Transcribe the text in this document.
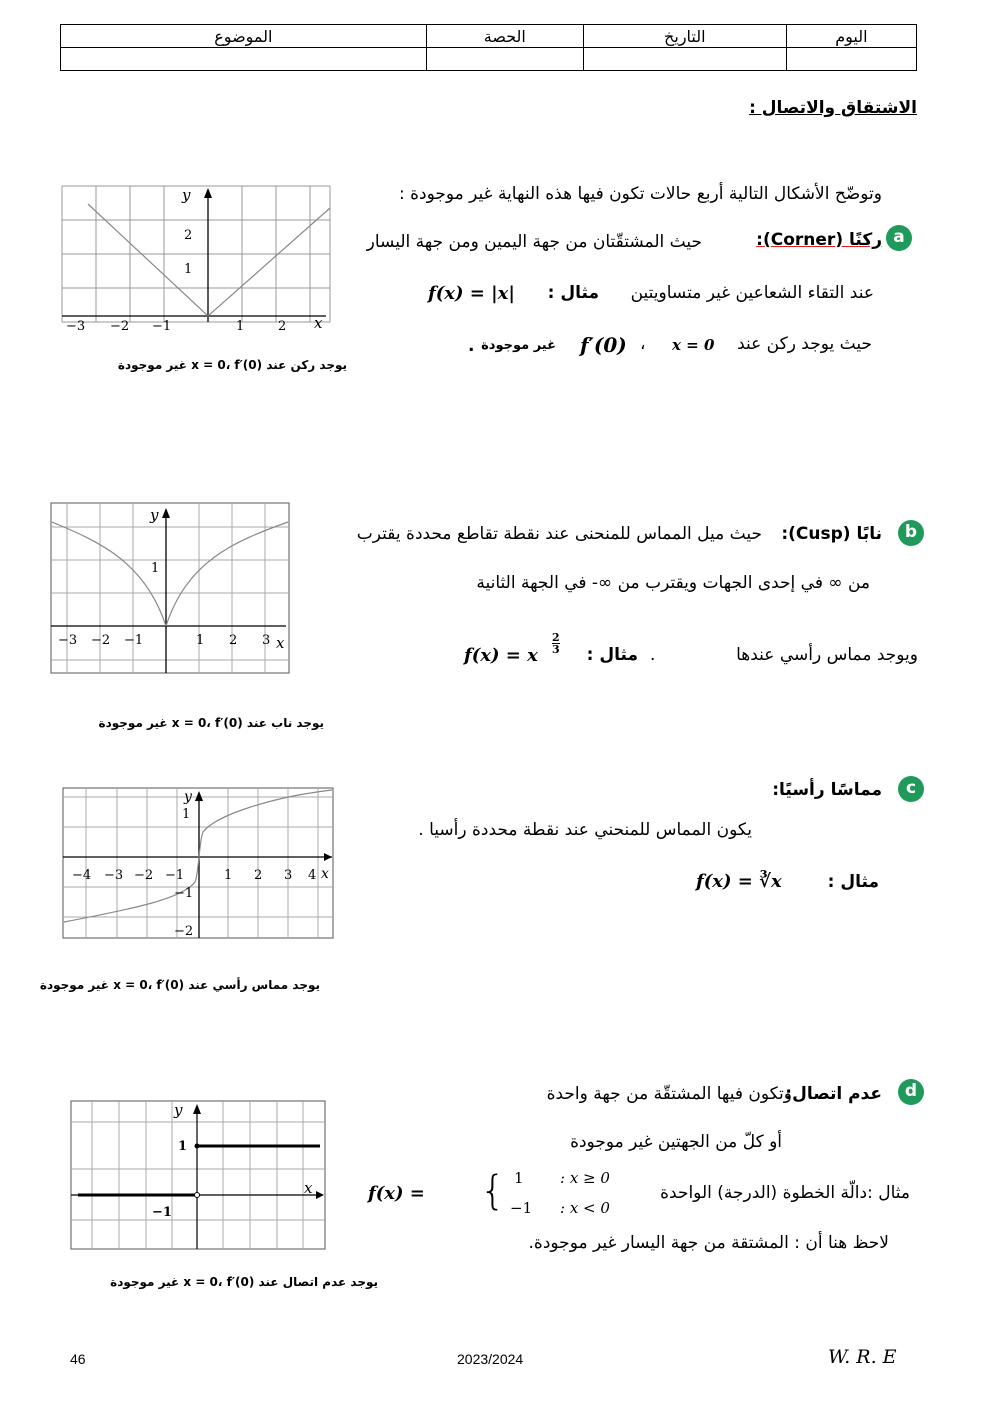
الموضوع	الحصة	التاريخ	اليوم

الاشتقاق والاتصال :
وتوضّح الأشكال التالية أربع حالات تكون فيها هذه النهاية غير موجودة :
y
x
2
1
−3 −2 −1	1	2
يوجد ركن عند x = 0، f′(0) غير موجودة
a
ركنًا (Corner):
حيث المشتقّتان من جهة اليمين ومن جهة اليسار
عند التقاء الشعاعين غير متساويتين
مثال :
f(x) = |x|
حيث يوجد ركن عند
x = 0
،
f′(0)
غير موجودة
.
y
x
1
−3 −2 −1	1 2 3
يوجد ناب عند x = 0، f′(0) غير موجودة
b
نابًا (Cusp):
حيث ميل المماس للمنحنى عند نقطة تقاطع محددة يقترب
من ∞ في إحدى الجهات ويقترب من ∞- في الجهة الثانية
ويوجد مماس رأسي عندها
.
مثال :
f(x) = x
$\frac{2}{3}$
y
x
1
−1
−2
−4 −3 −2 −1	1 2 3 4
يوجد مماس رأسي عند x = 0، f′(0) غير موجودة
c
مماسًا رأسيًا:
يكون المماس للمنحني عند نقطة محددة رأسيا .
مثال :
f(x) = ∛x
y
x
1
−1
يوجد عدم اتصال عند x = 0، f′(0) غير موجودة
d
عدم اتصال:
وتكون فيها المشتقّة من جهة واحدة
أو كلّ من الجهتين غير موجودة
f(x) = { 1 : x ≥ 0
−1 : x < 0
مثال :دالّة الخطوة (الدرجة) الواحدة
لاحظ هنا أن : المشتقة من جهة اليسار غير موجودة.
46	2023/2024	W. R. E
